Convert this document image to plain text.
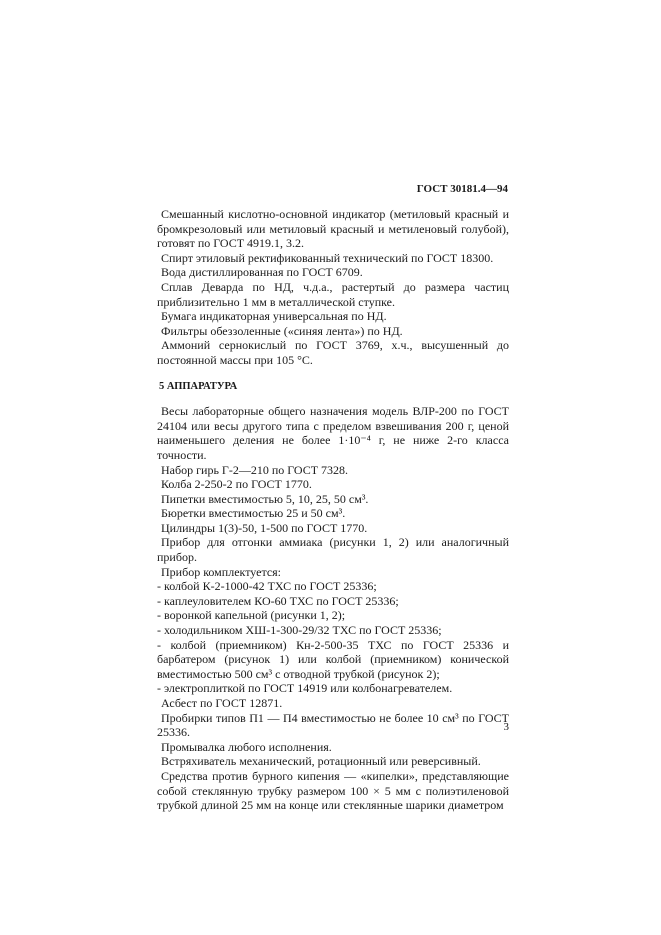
ГОСТ 30181.4—94

Смешанный кислотно-основной индикатор (метиловый красный и бромкрезоловый или метиловый красный и метиленовый голубой), готовят по ГОСТ 4919.1, 3.2.

Спирт этиловый ректификованный технический по ГОСТ 18300.

Вода дистиллированная по ГОСТ 6709.

Сплав Деварда по НД, ч.д.а., растертый до размера частиц приблизительно 1 мм в металлической ступке.

Бумага индикаторная универсальная по НД.

Фильтры обеззоленные («синяя лента») по НД.

Аммоний сернокислый по ГОСТ 3769, х.ч., высушенный до постоянной массы при 105 °С.

5 АППАРАТУРА

Весы лабораторные общего назначения модель ВЛР-200 по ГОСТ 24104 или весы другого типа с пределом взвешивания 200 г, ценой наименьшего деления не более 1·10⁻⁴ г, не ниже 2-го класса точности.

Набор гирь Г-2—210 по ГОСТ 7328.

Колба 2-250-2 по ГОСТ 1770.

Пипетки вместимостью 5, 10, 25, 50 см³.

Бюретки вместимостью 25 и 50 см³.

Цилиндры 1(3)-50, 1-500 по ГОСТ 1770.

Прибор для отгонки аммиака (рисунки 1, 2) или аналогичный прибор.

Прибор комплектуется:

- колбой К-2-1000-42 ТХС по ГОСТ 25336;

- каплеуловителем КО-60 ТХС по ГОСТ 25336;

- воронкой капельной (рисунки 1, 2);

- холодильником ХШ-1-300-29/32 ТХС по ГОСТ 25336;

- колбой (приемником) Кн-2-500-35 ТХС по ГОСТ 25336 и барбатером (рисунок 1) или колбой (приемником) конической вместимостью 500 см³ с отводной трубкой (рисунок 2);

- электроплиткой по ГОСТ 14919 или колбонагревателем.

Асбест по ГОСТ 12871.

Пробирки типов П1 — П4 вместимостью не более 10 см³ по ГОСТ 25336.

Промывалка любого исполнения.

Встряхиватель механический, ротационный или реверсивный.

Средства против бурного кипения — «кипелки», представляющие собой стеклянную трубку размером 100 × 5 мм с полиэтиленовой трубкой длиной 25 мм на конце или стеклянные шарики диаметром

3
